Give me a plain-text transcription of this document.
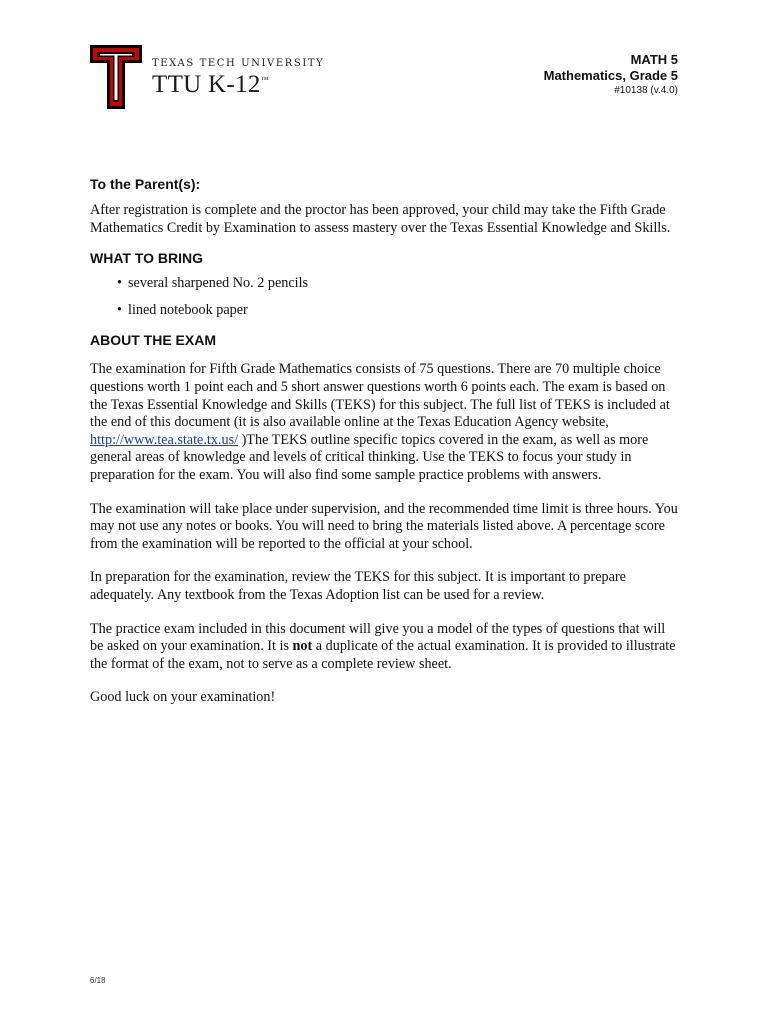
TEXAS TECH UNIVERSITY
TTU K-12™
MATH 5
Mathematics, Grade 5
#10138 (v.4.0)
To the Parent(s):

After registration is complete and the proctor has been approved, your child may take the Fifth Grade Mathematics Credit by Examination to assess mastery over the Texas Essential Knowledge and Skills.

WHAT TO BRING
• several sharpened No. 2 pencils
• lined notebook paper
ABOUT THE EXAM

The examination for Fifth Grade Mathematics consists of 75 questions. There are 70 multiple choice questions worth 1 point each and 5 short answer questions worth 6 points each. The exam is based on the Texas Essential Knowledge and Skills (TEKS) for this subject. The full list of TEKS is included at the end of this document (it is also available online at the Texas Education Agency website, http://www.tea.state.tx.us/ )The TEKS outline specific topics covered in the exam, as well as more general areas of knowledge and levels of critical thinking. Use the TEKS to focus your study in preparation for the exam. You will also find some sample practice problems with answers.

The examination will take place under supervision, and the recommended time limit is three hours. You may not use any notes or books. You will need to bring the materials listed above. A percentage score from the examination will be reported to the official at your school.

In preparation for the examination, review the TEKS for this subject. It is important to prepare adequately. Any textbook from the Texas Adoption list can be used for a review.

The practice exam included in this document will give you a model of the types of questions that will be asked on your examination. It is not a duplicate of the actual examination. It is provided to illustrate the format of the exam, not to serve as a complete review sheet.

Good luck on your examination!

6/18
